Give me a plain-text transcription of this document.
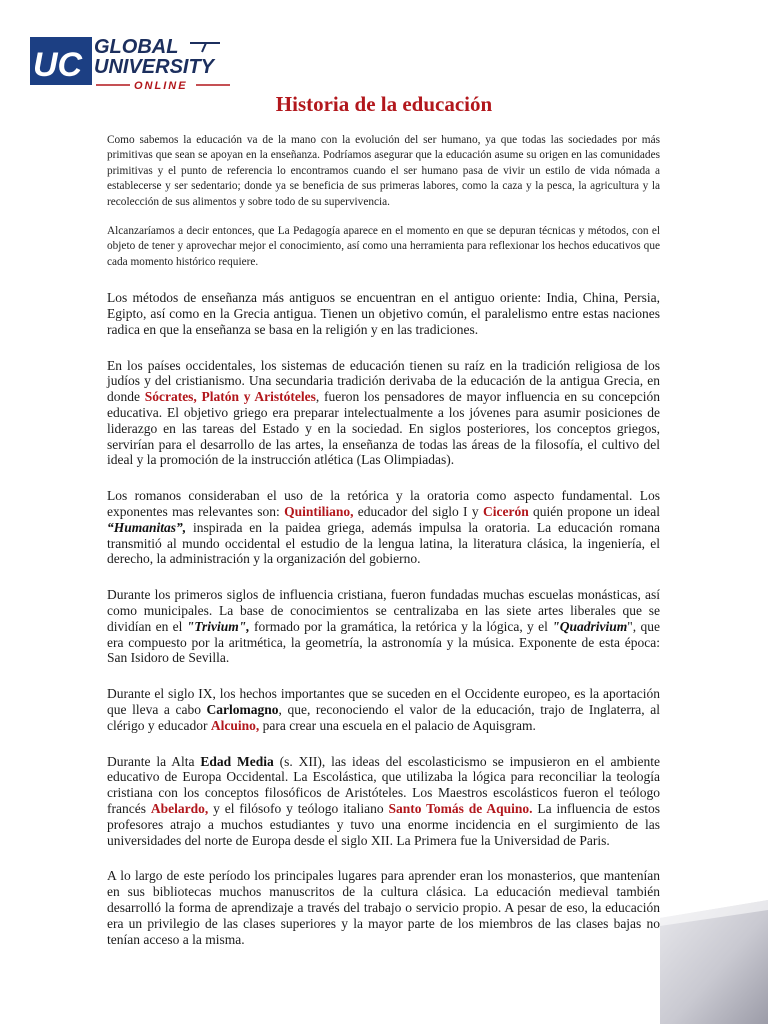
UC GLOBAL
UNIVERSITY
ONLINE
Historia de la educación

Como sabemos la educación va de la mano con la evolución del ser humano, ya que todas las sociedades por más primitivas que sean se apoyan en la enseñanza. Podríamos asegurar que la educación asume su origen en las comunidades primitivas y el punto de referencia lo encontramos cuando el ser humano pasa de vivir un estilo de vida nómada a establecerse y ser sedentario; donde ya se beneficia de sus primeras labores, como la caza y la pesca, la agricultura y la recolección de sus alimentos y sobre todo de su supervivencia.

Alcanzaríamos a decir entonces, que La Pedagogía aparece en el momento en que se depuran técnicas y métodos, con el objeto de tener y aprovechar mejor el conocimiento, así como una herramienta para reflexionar los hechos educativos que cada momento histórico requiere.

Los métodos de enseñanza más antiguos se encuentran en el antiguo oriente: India, China, Persia, Egipto, así como en la Grecia antigua. Tienen un objetivo común, el paralelismo entre estas naciones radica en que la enseñanza se basa en la religión y en las tradiciones.

En los países occidentales, los sistemas de educación tienen su raíz en la tradición religiosa de los judíos y del cristianismo. Una secundaria tradición derivaba de la educación de la antigua Grecia, en donde Sócrates, Platón y Aristóteles, fueron los pensadores de mayor influencia en su concepción educativa. El objetivo griego era preparar intelectualmente a los jóvenes para asumir posiciones de liderazgo en las tareas del Estado y en la sociedad. En siglos posteriores, los conceptos griegos, servirían para el desarrollo de las artes, la enseñanza de todas las áreas de la filosofía, el cultivo del ideal y la promoción de la instrucción atlética (Las Olimpiadas).

Los romanos consideraban el uso de la retórica y la oratoria como aspecto fundamental. Los exponentes mas relevantes son: Quintiliano, educador del siglo I y Cicerón quién propone un ideal “Humanitas”, inspirada en la paidea griega, además impulsa la oratoria. La educación romana transmitió al mundo occidental el estudio de la lengua latina, la literatura clásica, la ingeniería, el derecho, la administración y la organización del gobierno.

Durante los primeros siglos de influencia cristiana, fueron fundadas muchas escuelas monásticas, así como municipales. La base de conocimientos se centralizaba en las siete artes liberales que se dividían en el "Trivium", formado por la gramática, la retórica y la lógica, y el "Quadrivium", que era compuesto por la aritmética, la geometría, la astronomía y la música. Exponente de esta época: San Isidoro de Sevilla.

Durante el siglo IX, los hechos importantes que se suceden en el Occidente europeo, es la aportación que lleva a cabo Carlomagno, que, reconociendo el valor de la educación, trajo de Inglaterra, al clérigo y educador Alcuino, para crear una escuela en el palacio de Aquisgram.

Durante la Alta Edad Media (s. XII), las ideas del escolasticismo se impusieron en el ambiente educativo de Europa Occidental. La Escolástica, que utilizaba la lógica para reconciliar la teología cristiana con los conceptos filosóficos de Aristóteles. Los Maestros escolásticos fueron el teólogo francés Abelardo, y el filósofo y teólogo italiano Santo Tomás de Aquino. La influencia de estos profesores atrajo a muchos estudiantes y tuvo una enorme incidencia en el surgimiento de las universidades del norte de Europa desde el siglo XII. La Primera fue la Universidad de Paris.

A lo largo de este período los principales lugares para aprender eran los monasterios, que mantenían en sus bibliotecas muchos manuscritos de la cultura clásica. La educación medieval también desarrolló la forma de aprendizaje a través del trabajo o servicio propio. A pesar de eso, la educación era un privilegio de las clases superiores y la mayor parte de los miembros de las clases bajas no tenían acceso a la misma.
